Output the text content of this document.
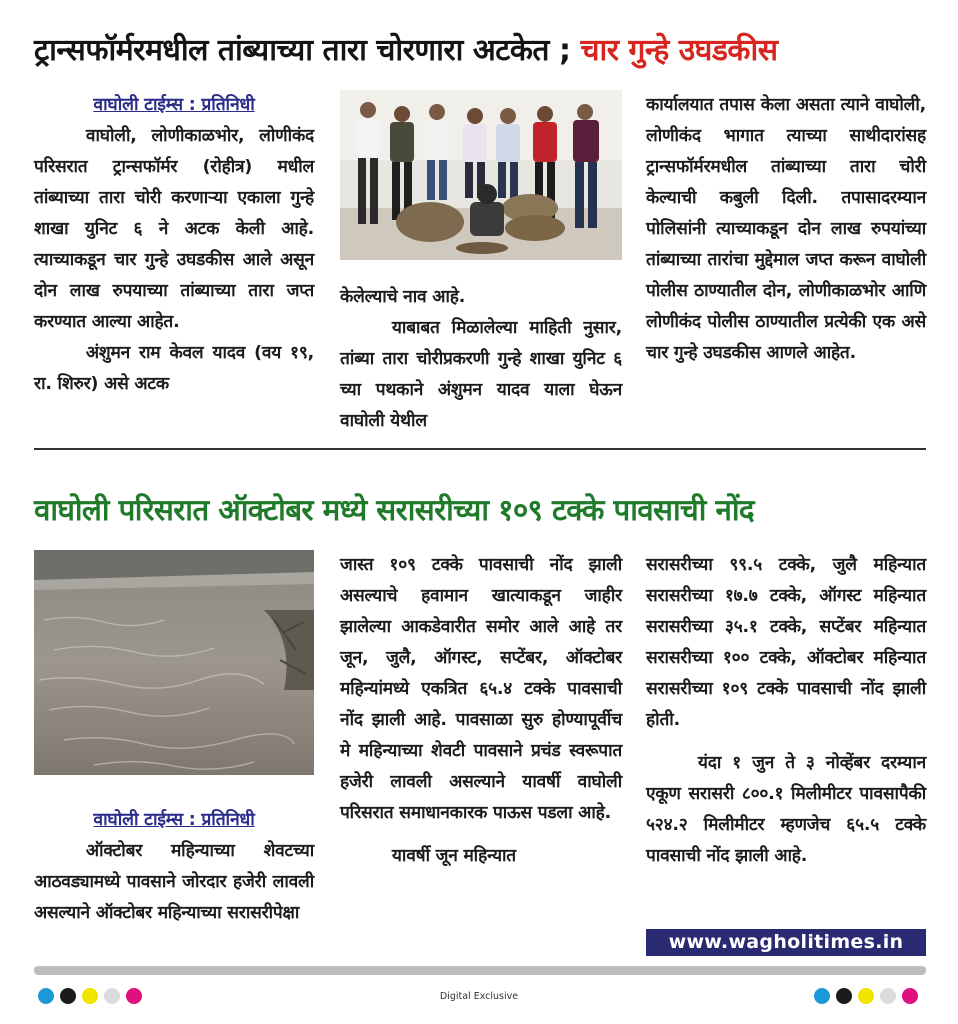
ट्रान्सफॉर्मरमधील तांब्याच्या तारा चोरणारा अटकेत ; चार गुन्हे उघडकीस
वाघोली टाईम्स : प्रतिनिधी

वाघोली, लोणीकाळभोर, लोणीकंद परिसरात ट्रान्सफॉर्मर (रोहीत्र) मधील तांब्याच्या तारा चोरी करणाऱ्या एकाला गुन्हे शाखा युनिट ६ ने अटक केली आहे. त्याच्याकडून चार गुन्हे उघडकीस आले असून दोन लाख रुपयाच्या तांब्याच्या तारा जप्त करण्यात आल्या आहेत.

अंशुमन राम केवल यादव (वय १९, रा. शिरुर) असे अटक

केलेल्याचे नाव आहे.

याबाबत मिळालेल्या माहिती नुसार, तांब्या तारा चोरीप्रकरणी गुन्हे शाखा युनिट ६ च्या पथकाने अंशुमन यादव याला घेऊन वाघोली येथील

कार्यालयात तपास केला असता त्याने वाघोली, लोणीकंद भागात त्याच्या साथीदारांसह ट्रान्सफॉर्मरमधील तांब्याच्या तारा चोरी केल्याची कबुली दिली. तपासादरम्यान पोलिसांनी त्याच्याकडून दोन लाख रुपयांच्या तांब्याच्या तारांचा मुद्देमाल जप्त करून वाघोली पोलीस ठाण्यातील दोन, लोणीकाळभोर आणि लोणीकंद पोलीस ठाण्यातील प्रत्येकी एक असे चार गुन्हे उघडकीस आणले आहेत.

वाघोली परिसरात ऑक्टोबर मध्ये सरासरीच्या १०९ टक्के पावसाची नोंद
वाघोली टाईम्स : प्रतिनिधी

ऑक्टोबर महिन्याच्या शेवटच्या आठवड्यामध्ये पावसाने जोरदार हजेरी लावली असल्याने ऑक्टोबर महिन्याच्या सरासरीपेक्षा

जास्त १०९ टक्के पावसाची नोंद झाली असल्याचे हवामान खात्याकडून जाहीर झालेल्या आकडेवारीत समोर आले आहे तर जून, जुलै, ऑगस्ट, सप्टेंबर, ऑक्टोबर महिन्यांमध्ये एकत्रित ६५.४ टक्के पावसाची नोंद झाली आहे. पावसाळा सुरु होण्यापूर्वीच मे महिन्याच्या शेवटी पावसाने प्रचंड स्वरूपात हजेरी लावली असल्याने यावर्षी वाघोली परिसरात समाधानकारक पाऊस पडला आहे.

यावर्षी जून महिन्यात

सरासरीच्या ९९.५ टक्के, जुलै महिन्यात सरासरीच्या १७.७ टक्के, ऑगस्ट महिन्यात सरासरीच्या ३५.१ टक्के, सप्टेंबर महिन्यात सरासरीच्या १०० टक्के, ऑक्टोबर महिन्यात सरासरीच्या १०९ टक्के पावसाची नोंद झाली होती.

यंदा १ जुन ते ३ नोव्हेंबर दरम्यान एकूण सरासरी ८००.१ मिलीमीटर पावसापैकी ५२४.२ मिलीमीटर म्हणजेच ६५.५ टक्के पावसाची नोंद झाली आहे.

www.wagholitimes.in
Digital Exclusive
